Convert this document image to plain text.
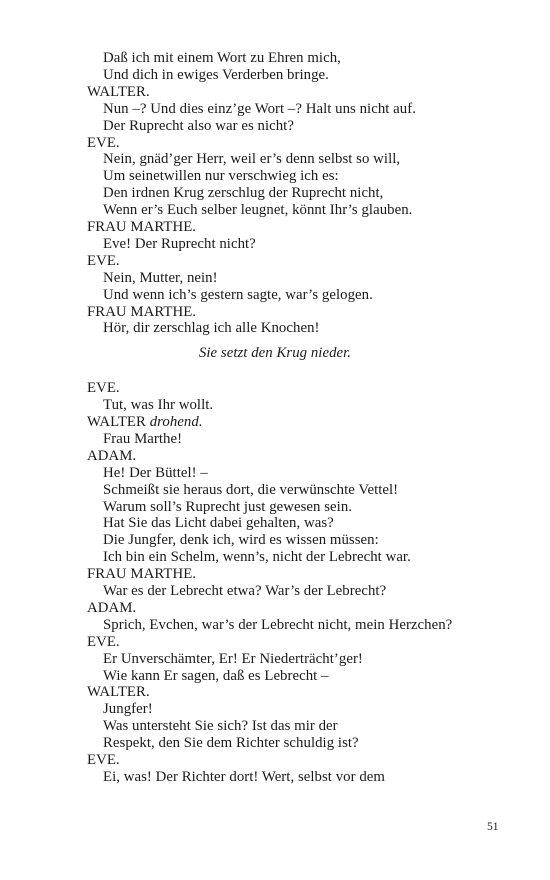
Daß ich mit einem Wort zu Ehren mich,
Und dich in ewiges Verderben bringe.
WALTER.
Nun –? Und dies einz’ge Wort –? Halt uns nicht auf.
Der Ruprecht also war es nicht?
EVE.
Nein, gnäd’ger Herr, weil er’s denn selbst so will,
Um seinetwillen nur verschwieg ich es:
Den irdnen Krug zerschlug der Ruprecht nicht,
Wenn er’s Euch selber leugnet, könnt Ihr’s glauben.
FRAU MARTHE.
Eve! Der Ruprecht nicht?
EVE.
Nein, Mutter, nein!
Und wenn ich’s gestern sagte, war’s gelogen.
FRAU MARTHE.
Hör, dir zerschlag ich alle Knochen!
Sie setzt den Krug nieder.
EVE.
Tut, was Ihr wollt.
WALTER drohend.
Frau Marthe!
ADAM.
He! Der Büttel! –
Schmeißt sie heraus dort, die verwünschte Vettel!
Warum soll’s Ruprecht just gewesen sein.
Hat Sie das Licht dabei gehalten, was?
Die Jungfer, denk ich, wird es wissen müssen:
Ich bin ein Schelm, wenn’s, nicht der Lebrecht war.
FRAU MARTHE.
War es der Lebrecht etwa? War’s der Lebrecht?
ADAM.
Sprich, Evchen, war’s der Lebrecht nicht, mein Herzchen?
EVE.
Er Unverschämter, Er! Er Niederträcht’ger!
Wie kann Er sagen, daß es Lebrecht –
WALTER.
Jungfer!
Was untersteht Sie sich? Ist das mir der
Respekt, den Sie dem Richter schuldig ist?
EVE.
Ei, was! Der Richter dort! Wert, selbst vor dem
51
